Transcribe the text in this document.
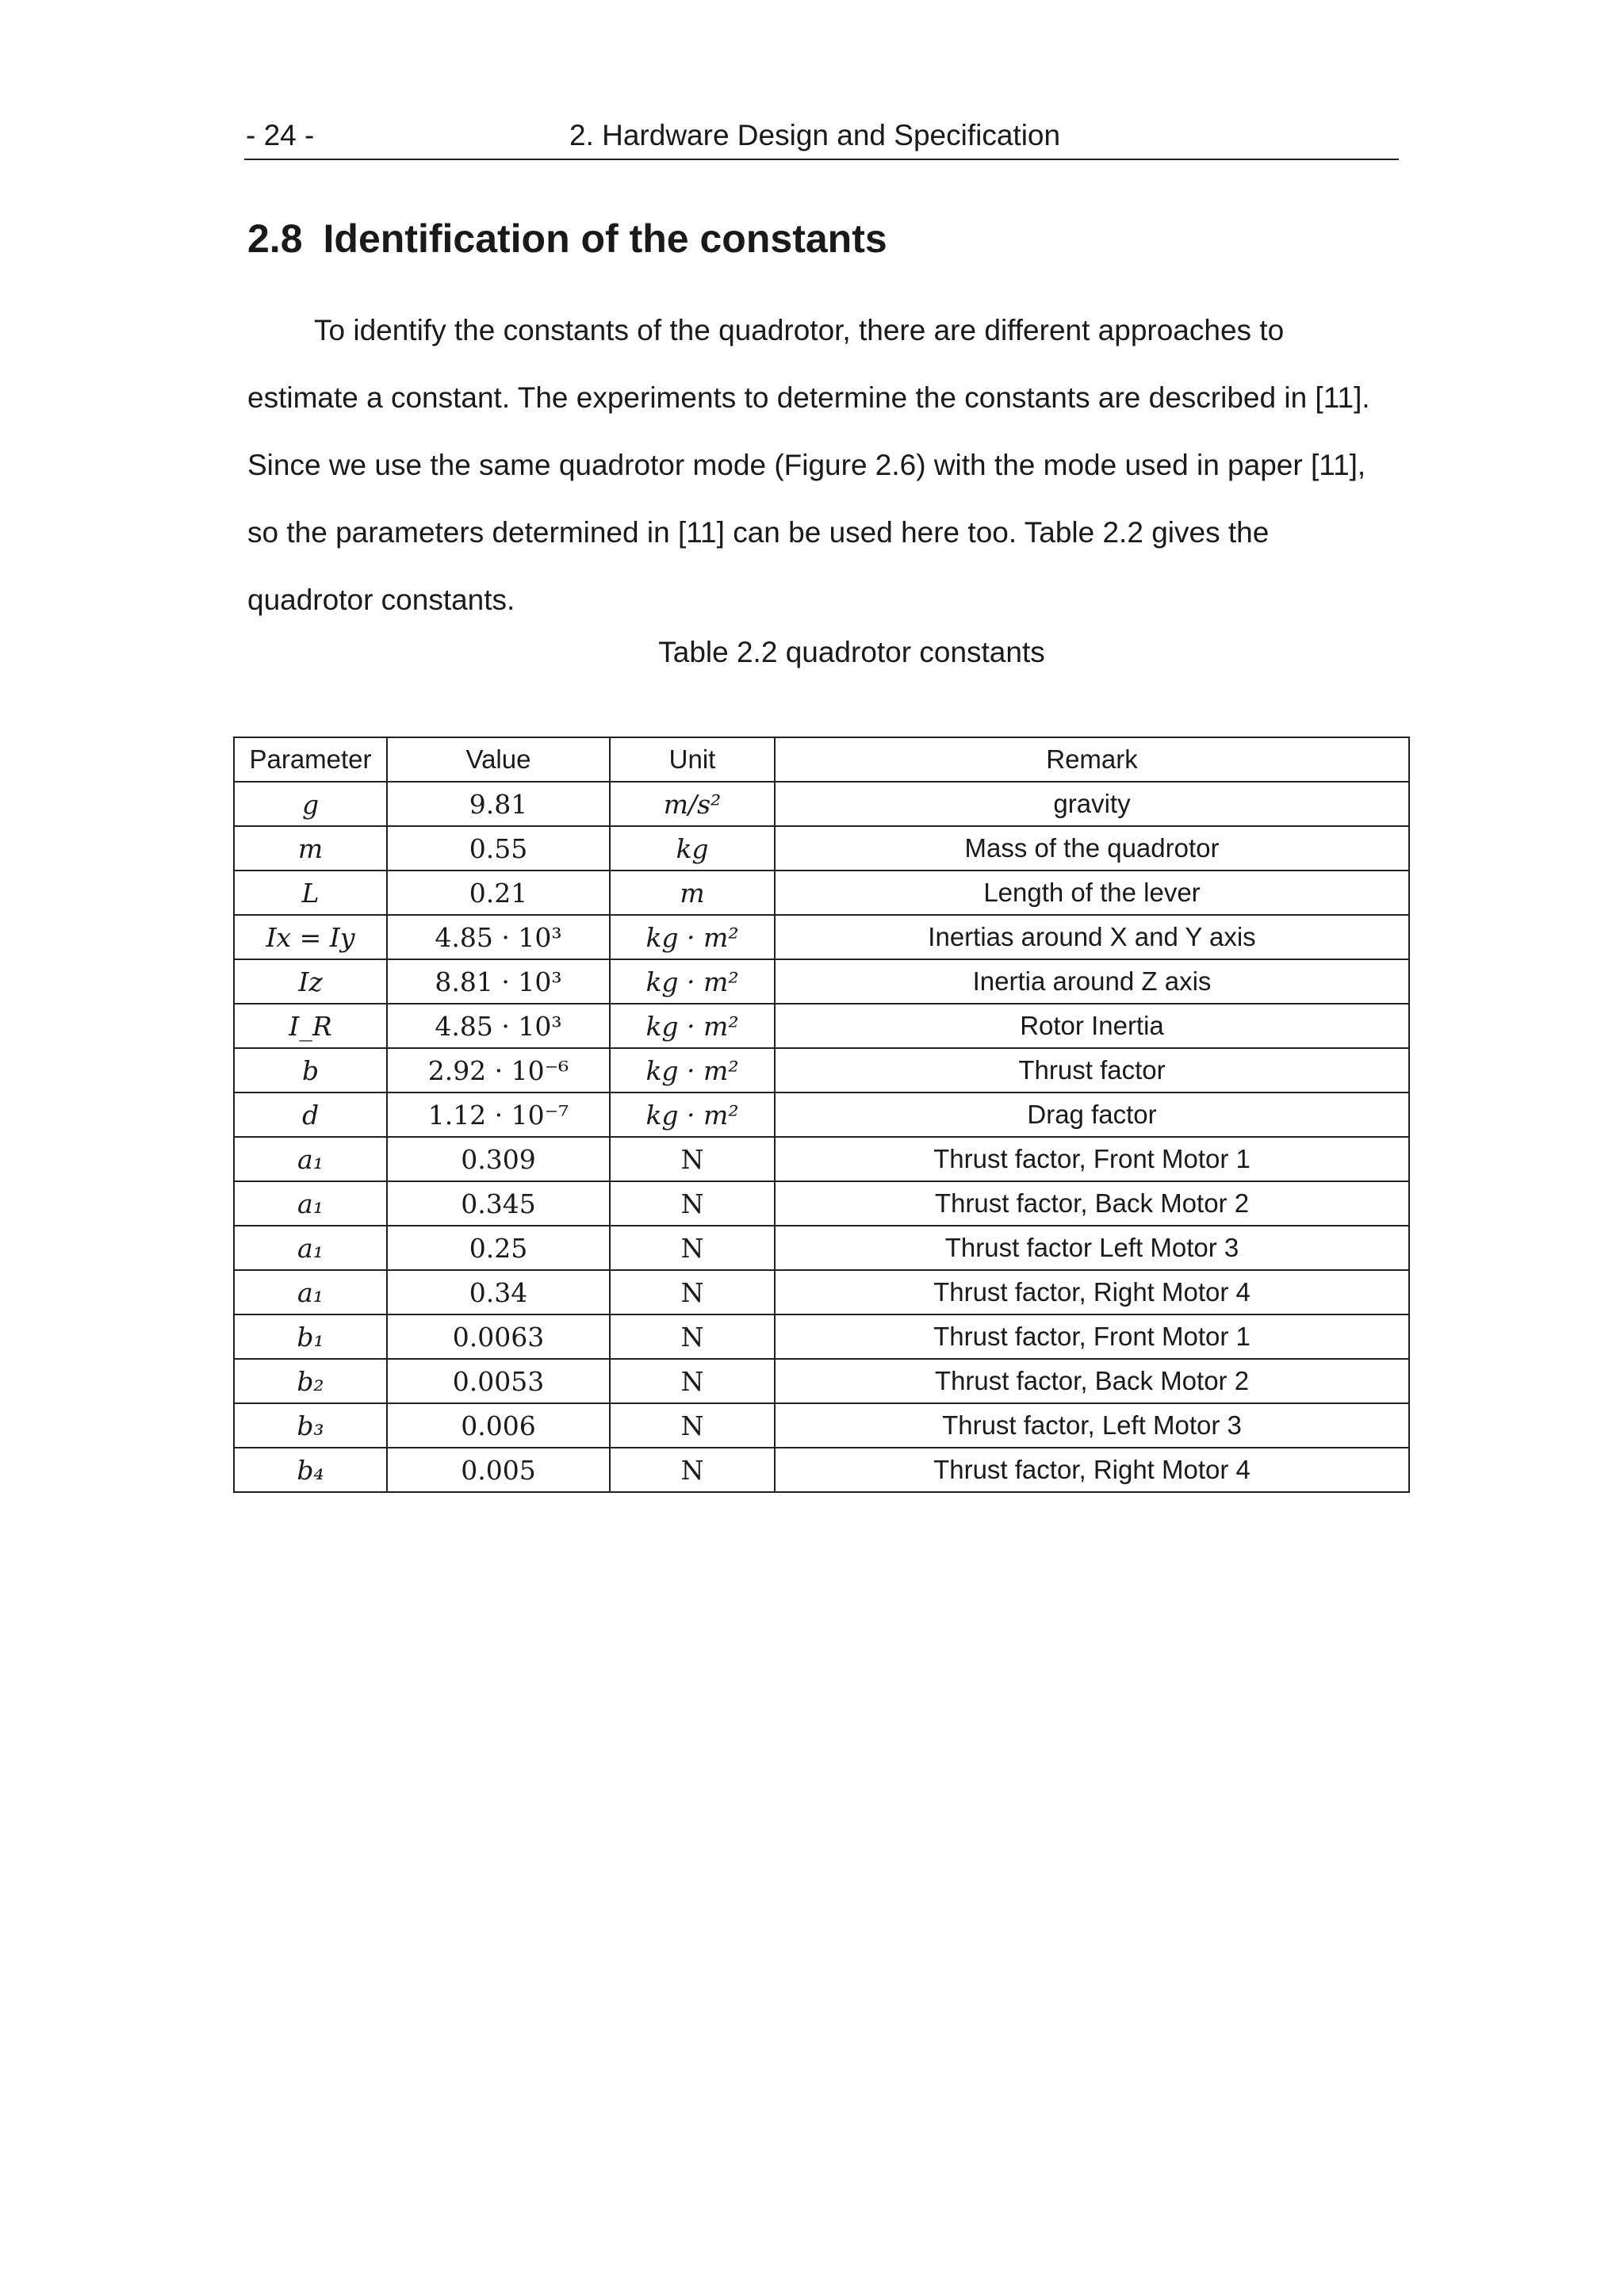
- 24 -	2. Hardware Design and Specification
2.8 Identification of the constants

To identify the constants of the quadrotor, there are different approaches to estimate a constant. The experiments to determine the constants are described in [11]. Since we use the same quadrotor mode (Figure 2.6) with the mode used in paper [11], so the parameters determined in [11] can be used here too. Table 2.2 gives the quadrotor constants.

Table 2.2 quadrotor constants

Parameter	Value	Unit	Remark
g	9.81	m/s²	gravity
m	0.55	kg	Mass of the quadrotor
L	0.21	m	Length of the lever
Ix = Iy	4.85 · 10³	kg · m²	Inertias around X and Y axis
Iz	8.81 · 10³	kg · m²	Inertia around Z axis
I_R	4.85 · 10³	kg · m²	Rotor Inertia
b	2.92 · 10⁻⁶	kg · m²	Thrust factor
d	1.12 · 10⁻⁷	kg · m²	Drag factor
a₁	0.309	N	Thrust factor, Front Motor 1
a₁	0.345	N	Thrust factor, Back Motor 2
a₁	0.25	N	Thrust factor Left Motor 3
a₁	0.34	N	Thrust factor, Right Motor 4
b₁	0.0063	N	Thrust factor, Front Motor 1
b₂	0.0053	N	Thrust factor, Back Motor 2
b₃	0.006	N	Thrust factor, Left Motor 3
b₄	0.005	N	Thrust factor, Right Motor 4
